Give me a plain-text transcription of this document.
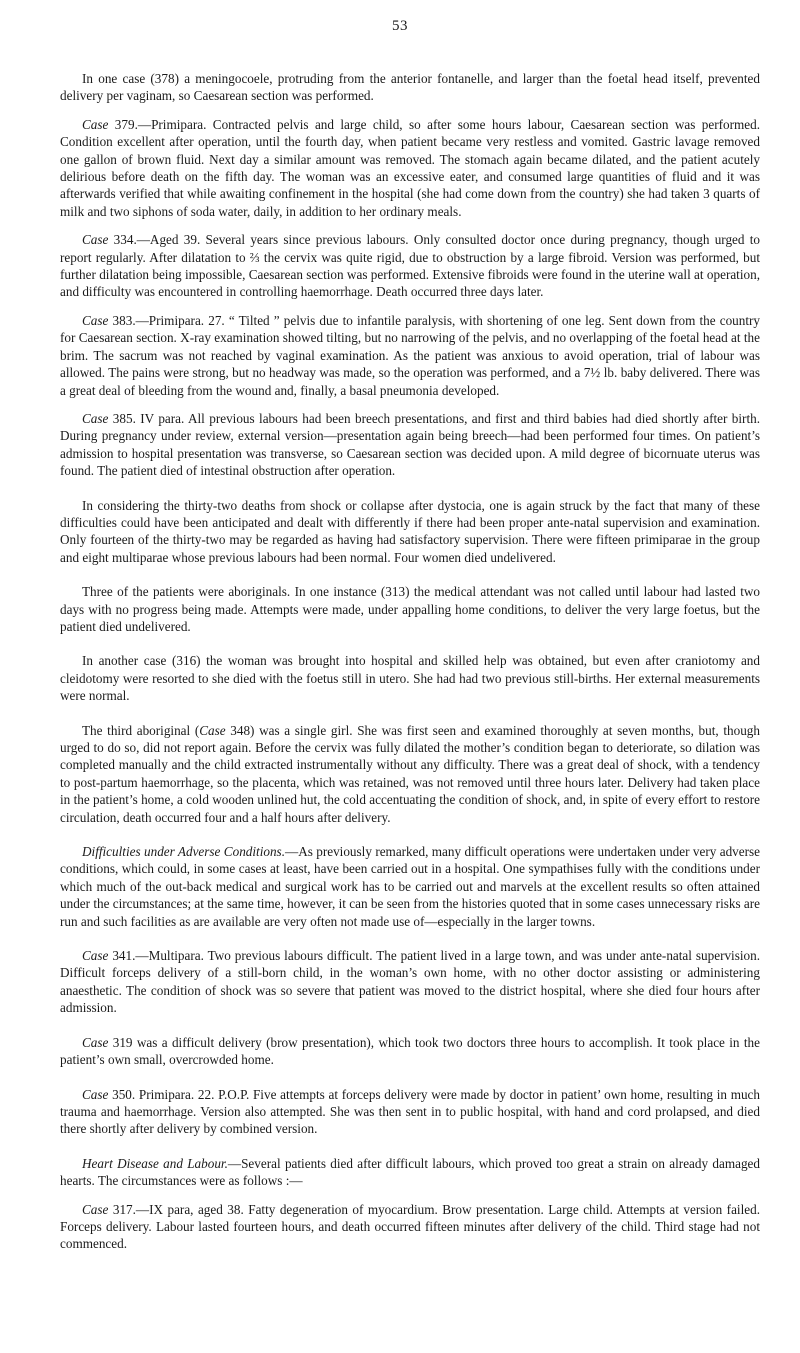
53

In one case (378) a meningocoele, protruding from the anterior fontanelle, and larger than the foetal head itself, prevented delivery per vaginam, so Caesarean section was performed.

Case 379.—Primipara. Contracted pelvis and large child, so after some hours labour, Caesarean section was performed. Condition excellent after operation, until the fourth day, when patient became very restless and vomited. Gastric lavage removed one gallon of brown fluid. Next day a similar amount was removed. The stomach again became dilated, and the patient acutely delirious before death on the fifth day. The woman was an excessive eater, and consumed large quantities of fluid and it was afterwards verified that while awaiting confinement in the hospital (she had come down from the country) she had taken 3 quarts of milk and two siphons of soda water, daily, in addition to her ordinary meals.

Case 334.—Aged 39. Several years since previous labours. Only consulted doctor once during pregnancy, though urged to report regularly. After dilatation to ⅔ the cervix was quite rigid, due to obstruction by a large fibroid. Version was performed, but further dilatation being impossible, Caesarean section was performed. Extensive fibroids were found in the uterine wall at operation, and difficulty was encountered in controlling haemorrhage. Death occurred three days later.

Case 383.—Primipara. 27. “ Tilted ” pelvis due to infantile paralysis, with shortening of one leg. Sent down from the country for Caesarean section. X-ray examination showed tilting, but no narrowing of the pelvis, and no overlapping of the foetal head at the brim. The sacrum was not reached by vaginal examination. As the patient was anxious to avoid operation, trial of labour was allowed. The pains were strong, but no headway was made, so the operation was performed, and a 7½ lb. baby delivered. There was a great deal of bleeding from the wound and, finally, a basal pneumonia developed.

Case 385. IV para. All previous labours had been breech presentations, and first and third babies had died shortly after birth. During pregnancy under review, external version—presentation again being breech—had been performed four times. On patient’s admission to hospital presentation was transverse, so Caesarean section was decided upon. A mild degree of bicornuate uterus was found. The patient died of intestinal obstruction after operation.

In considering the thirty-two deaths from shock or collapse after dystocia, one is again struck by the fact that many of these difficulties could have been anticipated and dealt with differently if there had been proper ante-natal supervision and examination. Only fourteen of the thirty-two may be regarded as having had satisfactory supervision. There were fifteen primiparae in the group and eight multiparae whose previous labours had been normal. Four women died undelivered.

Three of the patients were aboriginals. In one instance (313) the medical attendant was not called until labour had lasted two days with no progress being made. Attempts were made, under appalling home conditions, to deliver the very large foetus, but the patient died undelivered.

In another case (316) the woman was brought into hospital and skilled help was obtained, but even after craniotomy and cleidotomy were resorted to she died with the foetus still in utero. She had had two previous still-births. Her external measurements were normal.

The third aboriginal (Case 348) was a single girl. She was first seen and examined thoroughly at seven months, but, though urged to do so, did not report again. Before the cervix was fully dilated the mother’s condition began to deteriorate, so dilation was completed manually and the child extracted instrumentally without any difficulty. There was a great deal of shock, with a tendency to post-partum haemorrhage, so the placenta, which was retained, was not removed until three hours later. Delivery had taken place in the patient’s home, a cold wooden unlined hut, the cold accentuating the condition of shock, and, in spite of every effort to restore circulation, death occurred four and a half hours after delivery.

Difficulties under Adverse Conditions.—As previously remarked, many difficult operations were undertaken under very adverse conditions, which could, in some cases at least, have been carried out in a hospital. One sympathises fully with the conditions under which much of the out-back medical and surgical work has to be carried out and marvels at the excellent results so often attained under the circumstances; at the same time, however, it can be seen from the histories quoted that in some cases unnecessary risks are run and such facilities as are available are very often not made use of—especially in the larger towns.

Case 341.—Multipara. Two previous labours difficult. The patient lived in a large town, and was under ante-natal supervision. Difficult forceps delivery of a still-born child, in the woman’s own home, with no other doctor assisting or administering anaesthetic. The condition of shock was so severe that patient was moved to the district hospital, where she died four hours after admission.

Case 319 was a difficult delivery (brow presentation), which took two doctors three hours to accomplish. It took place in the patient’s own small, overcrowded home.

Case 350. Primipara. 22. P.O.P. Five attempts at forceps delivery were made by doctor in patient’ own home, resulting in much trauma and haemorrhage. Version also attempted. She was then sent in to public hospital, with hand and cord prolapsed, and died there shortly after delivery by combined version.

Heart Disease and Labour.—Several patients died after difficult labours, which proved too great a strain on already damaged hearts. The circumstances were as follows :—

Case 317.—IX para, aged 38. Fatty degeneration of myocardium. Brow presentation. Large child. Attempts at version failed. Forceps delivery. Labour lasted fourteen hours, and death occurred fifteen minutes after delivery of the child. Third stage had not commenced.
